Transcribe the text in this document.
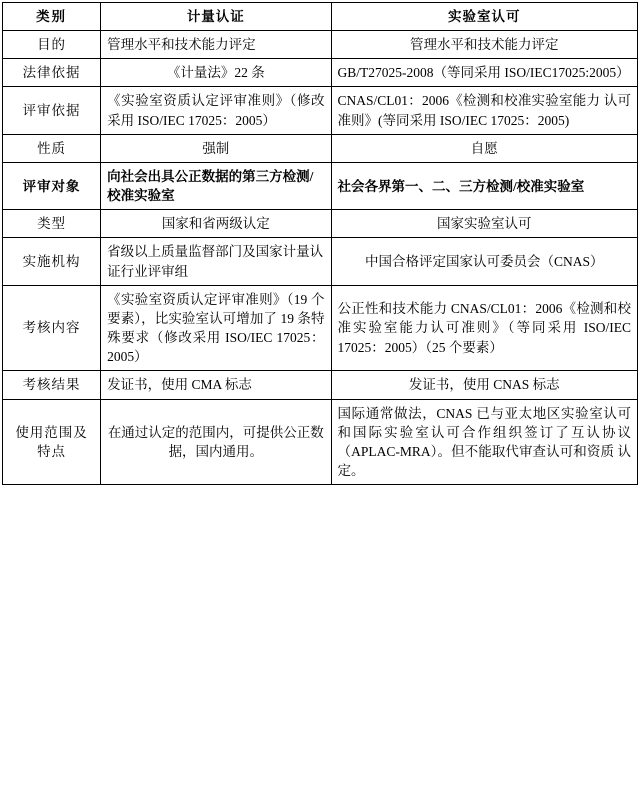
类别	计量认证	实验室认可
目的	管理水平和技术能力评定	管理水平和技术能力评定
法律依据	《计量法》22 条	GB/T27025-2008（等同采用 ISO/IEC17025:2005）
评审依据	《实验室资质认定评审准则》（修改采用 ISO/IEC 17025：2005）	CNAS/CL01：2006《检测和校准实验室能力 认可准则》(等同采用 ISO/IEC 17025：2005)
性质	强制	自愿
评审对象	向社会出具公正数据的第三方检测/校准实验室	社会各界第一、二、三方检测/校准实验室
类型	国家和省两级认定	国家实验室认可
实施机构	省级以上质量监督部门及国家计量认证行业评审组	中国合格评定国家认可委员会（CNAS）
考核内容	《实验室资质认定评审准则》（19 个要素），比实验室认可增加了 19 条特殊要求（修改采用 ISO/IEC 17025：2005）	公正性和技术能力 CNAS/CL01：2006《检测和校准实验室能力认可准则》（等同采用 ISO/IEC 17025：2005）（25 个要素）
考核结果	发证书，使用 CMA 标志	发证书，使用 CNAS 标志
使用范围及特点	在通过认定的范围内，可提供公正数据，国内通用。	国际通常做法，CNAS 已与亚太地区实验室认可和国际实验室认可合作组织签订了互认协议（APLAC-MRA）。但不能取代审查认可和资质 认定。
